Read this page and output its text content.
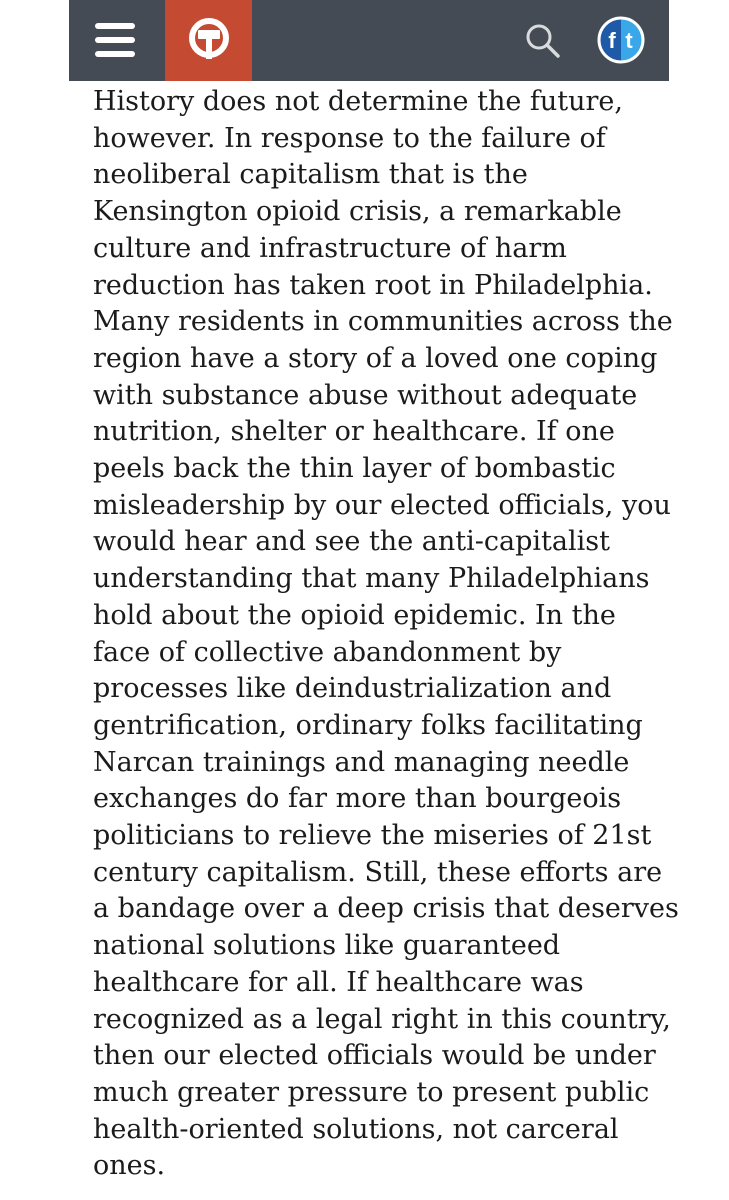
f t

History does not determine the future,
however. In response to the failure of
neoliberal capitalism that is the
Kensington opioid crisis, a remarkable
culture and infrastructure of harm
reduction has taken root in Philadelphia.
Many residents in communities across the
region have a story of a loved one coping
with substance abuse without adequate
nutrition, shelter or healthcare. If one
peels back the thin layer of bombastic
misleadership by our elected officials, you
would hear and see the anti-capitalist
understanding that many Philadelphians
hold about the opioid epidemic. In the
face of collective abandonment by
processes like deindustrialization and
gentrification, ordinary folks facilitating
Narcan trainings and managing needle
exchanges do far more than bourgeois
politicians to relieve the miseries of 21st
century capitalism. Still, these efforts are
a bandage over a deep crisis that deserves
national solutions like guaranteed
healthcare for all. If healthcare was
recognized as a legal right in this country,
then our elected officials would be under
much greater pressure to present public
health-oriented solutions, not carceral
ones.
